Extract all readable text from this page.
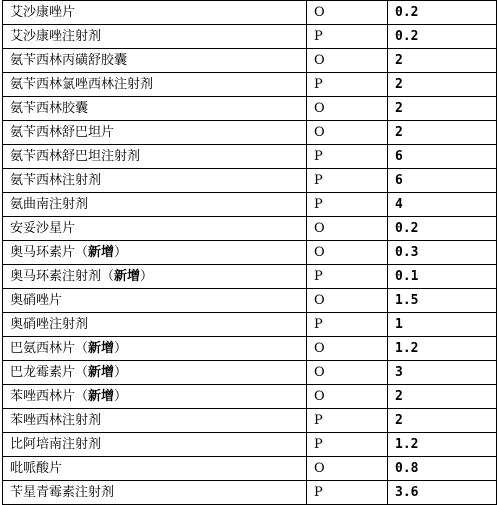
艾沙康唑片	O	0.2
艾沙康唑注射剂	P	0.2
氨苄西林丙磺舒胶囊	O	2
氨苄西林氯唑西林注射剂	P	2
氨苄西林胶囊	O	2
氨苄西林舒巴坦片	O	2
氨苄西林舒巴坦注射剂	P	6
氨苄西林注射剂	P	6
氨曲南注射剂	P	4
安妥沙星片	O	0.2
奥马环素片（新增）	O	0.3
奥马环素注射剂（新增）	P	0.1
奥硝唑片	O	1.5
奥硝唑注射剂	P	1
巴氨西林片（新增）	O	1.2
巴龙霉素片（新增）	O	3
苯唑西林片（新增）	O	2
苯唑西林注射剂	P	2
比阿培南注射剂	P	1.2
吡哌酸片	O	0.8
苄星青霉素注射剂	P	3.6
